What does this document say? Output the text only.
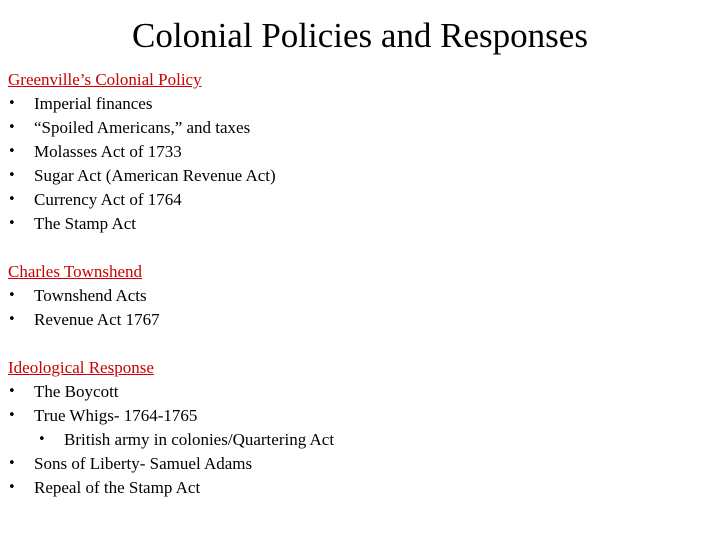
Colonial Policies and Responses
Greenville’s Colonial Policy
•	Imperial finances
•	“Spoiled Americans,” and taxes
•	Molasses Act of 1733
•	Sugar Act (American Revenue Act)
•	Currency Act of 1764
•	The Stamp Act
Charles Townshend
•	Townshend Acts
•	Revenue Act 1767
Ideological Response
•	The Boycott
•	True Whigs- 1764-1765
•	British army in colonies/Quartering Act
•	Sons of Liberty- Samuel Adams
•	Repeal of the Stamp Act
